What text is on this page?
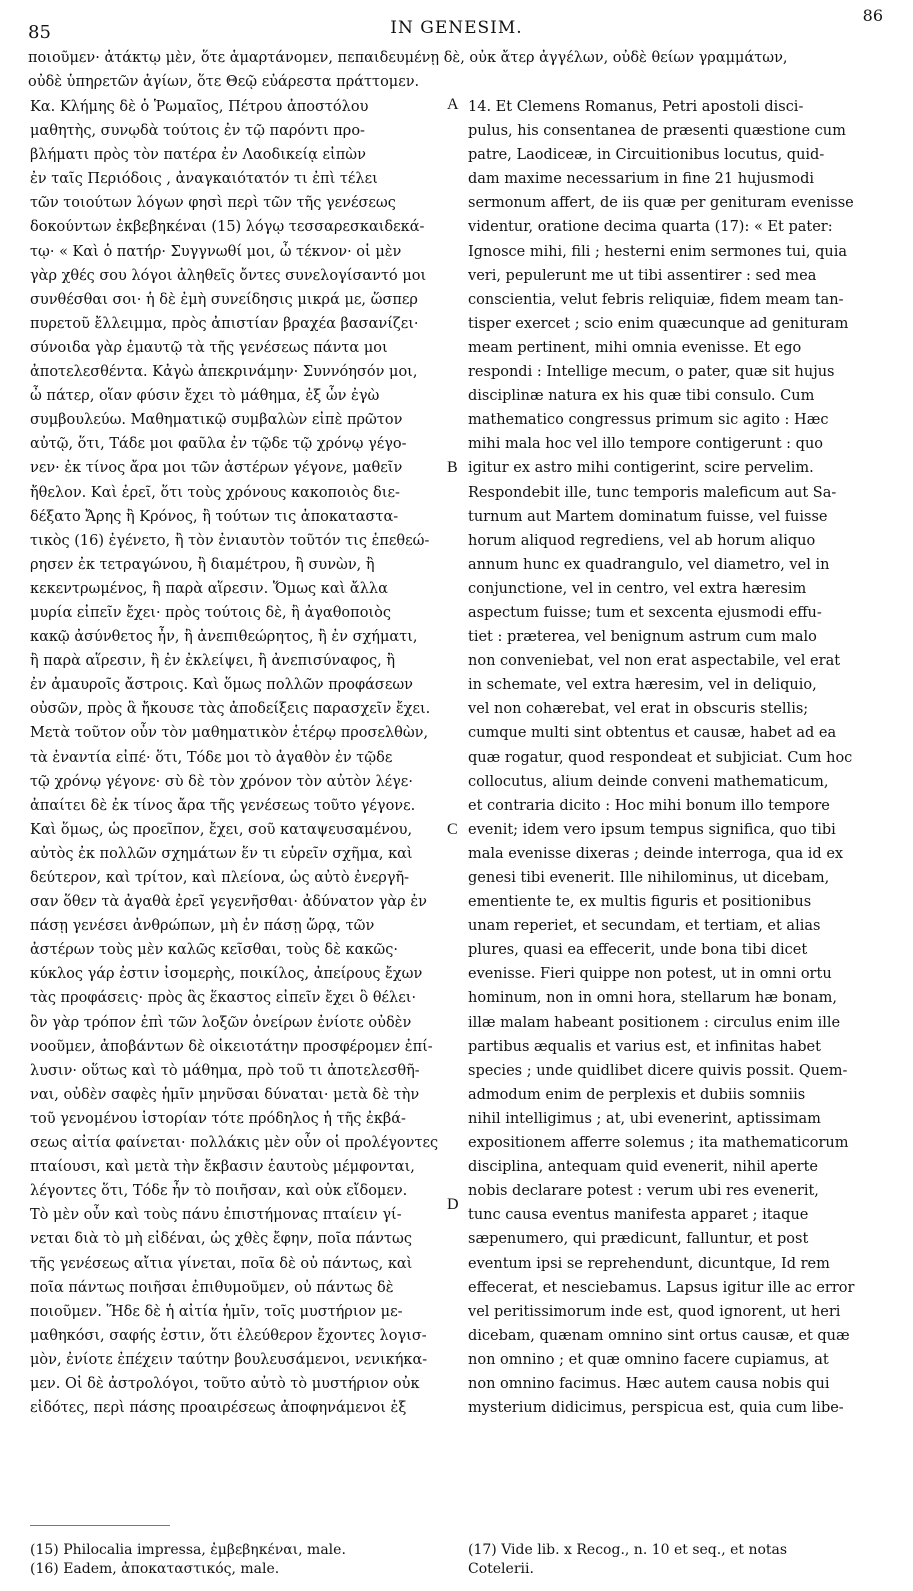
85	IN GENESIM.
86
ποιοῦμεν· ἀτάκτῳ μὲν, ὅτε ἁμαρτάνομεν, πεπαιδευμένῃ δὲ, οὐκ ἄτερ ἀγγέλων, οὐδὲ θείων γραμμάτων,
οὐδὲ ὑπηρετῶν ἁγίων, ὅτε Θεῷ εὐάρεστα πράττομεν.
Κα. Κλήμης δὲ ὁ Ῥωμαῖος, Πέτρου ἀποστόλου
μαθητὴς, συνῳδὰ τούτοις ἐν τῷ παρόντι προ-
βλήματι πρὸς τὸν πατέρα ἐν Λαοδικείᾳ εἰπὼν
ἐν ταῖς Περιόδοις , ἀναγκαιότατόν τι ἐπὶ τέλει
τῶν τοιούτων λόγων φησὶ περὶ τῶν τῆς γενέσεως
δοκούντων ἐκβεβηκέναι (15) λόγῳ τεσσαρεσκαιδεκά-
τῳ· « Καὶ ὁ πατήρ· Συγγνωθί μοι, ὦ τέκνον· οἱ μὲν
γὰρ χθές σου λόγοι ἀληθεῖς ὄντες συνελογίσαντό μοι
συνθέσθαι σοι· ἡ δὲ ἐμὴ συνείδησις μικρά με, ὥσπερ
πυρετοῦ ἔλλειμμα, πρὸς ἀπιστίαν βραχέα βασανίζει·
σύνοιδα γὰρ ἐμαυτῷ τὰ τῆς γενέσεως πάντα μοι
ἀποτελεσθέντα. Κἀγὼ ἀπεκρινάμην· Συννόησόν μοι,
ὦ πάτερ, οἵαν φύσιν ἔχει τὸ μάθημα, ἐξ ὧν ἐγὼ
συμβουλεύω. Μαθηματικῷ συμβαλὼν εἰπὲ πρῶτον
αὐτῷ, ὅτι, Τάδε μοι φαῦλα ἐν τῷδε τῷ χρόνῳ γέγο-
νεν· ἐκ τίνος ἄρα μοι τῶν ἀστέρων γέγονε, μαθεῖν
ἤθελον. Καὶ ἐρεῖ, ὅτι τοὺς χρόνους κακοποιὸς διε-
δέξατο Ἄρης ἢ Κρόνος, ἢ τούτων τις ἀποκαταστα-
τικὸς (16) ἐγένετο, ἢ τὸν ἐνιαυτὸν τοῦτόν τις ἐπεθεώ-
ρησεν ἐκ τετραγώνου, ἢ διαμέτρου, ἢ συνὼν, ἢ
κεκεντρωμένος, ἢ παρὰ αἵρεσιν. Ὅμως καὶ ἄλλα
μυρία εἰπεῖν ἔχει· πρὸς τούτοις δὲ, ἢ ἀγαθοποιὸς
κακῷ ἀσύνθετος ἦν, ἢ ἀνεπιθεώρητος, ἢ ἐν σχήματι,
ἢ παρὰ αἵρεσιν, ἢ ἐν ἐκλείψει, ἢ ἀνεπισύναφος, ἢ
ἐν ἀμαυροῖς ἄστροις. Καὶ ὅμως πολλῶν προφάσεων
οὐσῶν, πρὸς ἃ ἤκουσε τὰς ἀποδείξεις παρασχεῖν ἔχει.
Μετὰ τοῦτον οὖν τὸν μαθηματικὸν ἑτέρῳ προσελθὼν,
τὰ ἐναντία εἰπέ· ὅτι, Τόδε μοι τὸ ἀγαθὸν ἐν τῷδε
τῷ χρόνῳ γέγονε· σὺ δὲ τὸν χρόνον τὸν αὐτὸν λέγε·
ἀπαίτει δὲ ἐκ τίνος ἄρα τῆς γενέσεως τοῦτο γέγονε.
Καὶ ὅμως, ὡς προεῖπον, ἔχει, σοῦ καταψευσαμένου,
αὐτὸς ἐκ πολλῶν σχημάτων ἕν τι εὑρεῖν σχῆμα, καὶ
δεύτερον, καὶ τρίτον, καὶ πλείονα, ὡς αὐτὸ ἐνεργῆ-
σαν ὅθεν τὰ ἀγαθὰ ἐρεῖ γεγενῆσθαι· ἀδύνατον γὰρ ἐν
πάσῃ γενέσει ἀνθρώπων, μὴ ἐν πάσῃ ὥρᾳ, τῶν
ἀστέρων τοὺς μὲν καλῶς κεῖσθαι, τοὺς δὲ κακῶς·
κύκλος γάρ ἐστιν ἰσομερὴς, ποικίλος, ἀπείρους ἔχων
τὰς προφάσεις· πρὸς ἃς ἕκαστος εἰπεῖν ἔχει ὃ θέλει·
ὃν γὰρ τρόπον ἐπὶ τῶν λοξῶν ὀνείρων ἐνίοτε οὐδὲν
νοοῦμεν, ἀποβάντων δὲ οἰκειοτάτην προσφέρομεν ἐπί-
λυσιν· οὕτως καὶ τὸ μάθημα, πρὸ τοῦ τι ἀποτελεσθῆ-
ναι, οὐδὲν σαφὲς ἡμῖν μηνῦσαι δύναται· μετὰ δὲ τὴν
τοῦ γενομένου ἱστορίαν τότε πρόδηλος ἡ τῆς ἐκβά-
σεως αἰτία φαίνεται· πολλάκις μὲν οὖν οἱ προλέγοντες
πταίουσι, καὶ μετὰ τὴν ἔκβασιν ἑαυτοὺς μέμφονται,
λέγοντες ὅτι, Τόδε ἦν τὸ ποιῆσαν, καὶ οὐκ εἴδομεν.
Τὸ μὲν οὖν καὶ τοὺς πάνυ ἐπιστήμονας πταίειν γί-
νεται διὰ τὸ μὴ εἰδέναι, ὡς χθὲς ἔφην, ποῖα πάντως
τῆς γενέσεως αἴτια γίνεται, ποῖα δὲ οὐ πάντως, καὶ
ποῖα πάντως ποιῆσαι ἐπιθυμοῦμεν, οὐ πάντως δὲ
ποιοῦμεν. Ἥδε δὲ ἡ αἰτία ἡμῖν, τοῖς μυστήριον με-
μαθηκόσι, σαφής ἐστιν, ὅτι ἐλεύθερον ἔχοντες λογισ-
μὸν, ἐνίοτε ἐπέχειν ταύτην βουλευσάμενοι, νενικήκα-
μεν. Οἱ δὲ ἀστρολόγοι, τοῦτο αὐτὸ τὸ μυστήριον οὐκ
εἰδότες, περὶ πάσης προαιρέσεως ἀποφηνάμενοι ἐξ
14. Et Clemens Romanus, Petri apostoli disci-
pulus, his consentanea de præsenti quæstione cum
patre, Laodiceæ, in Circuitionibus locutus, quid-
dam maxime necessarium in fine 21 hujusmodi
sermonum affert, de iis quæ per genituram evenisse
videntur, oratione decima quarta (17): « Et pater:
Ignosce mihi, fili ; hesterni enim sermones tui, quia
veri, pepulerunt me ut tibi assentirer : sed mea
conscientia, velut febris reliquiæ, fidem meam tan-
tisper exercet ; scio enim quæcunque ad genituram
meam pertinent, mihi omnia evenisse. Et ego
respondi : Intellige mecum, o pater, quæ sit hujus
disciplinæ natura ex his quæ tibi consulo. Cum
mathematico congressus primum sic agito : Hæc
mihi mala hoc vel illo tempore contigerunt : quo
igitur ex astro mihi contigerint, scire pervelim.
Respondebit ille, tunc temporis maleficum aut Sa-
turnum aut Martem dominatum fuisse, vel fuisse
horum aliquod regrediens, vel ab horum aliquo
annum hunc ex quadrangulo, vel diametro, vel in
conjunctione, vel in centro, vel extra hæresim
aspectum fuisse; tum et sexcenta ejusmodi effu-
tiet : præterea, vel benignum astrum cum malo
non conveniebat, vel non erat aspectabile, vel erat
in schemate, vel extra hæresim, vel in deliquio,
vel non cohærebat, vel erat in obscuris stellis;
cumque multi sint obtentus et causæ, habet ad ea
quæ rogatur, quod respondeat et subjiciat. Cum hoc
collocutus, alium deinde conveni mathematicum,
et contraria dicito : Hoc mihi bonum illo tempore
evenit; idem vero ipsum tempus significa, quo tibi
mala evenisse dixeras ; deinde interroga, qua id ex
genesi tibi evenerit. Ille nihilominus, ut dicebam,
ementiente te, ex multis figuris et positionibus
unam reperiet, et secundam, et tertiam, et alias
plures, quasi ea effecerit, unde bona tibi dicet
evenisse. Fieri quippe non potest, ut in omni ortu
hominum, non in omni hora, stellarum hæ bonam,
illæ malam habeant positionem : circulus enim ille
partibus æqualis et varius est, et infinitas habet
species ; unde quidlibet dicere quivis possit. Quem-
admodum enim de perplexis et dubiis somniis
nihil intelligimus ; at, ubi evenerint, aptissimam
expositionem afferre solemus ; ita mathematicorum
disciplina, antequam quid evenerit, nihil aperte
nobis declarare potest : verum ubi res evenerit,
tunc causa eventus manifesta apparet ; itaque
sæpenumero, qui prædicunt, falluntur, et post
eventum ipsi se reprehendunt, dicuntque, Id rem
effecerat, et nesciebamus. Lapsus igitur ille ac error
vel peritissimorum inde est, quod ignorent, ut heri
dicebam, quænam omnino sint ortus causæ, et quæ
non omnino ; et quæ omnino facere cupiamus, at
non omnino facimus. Hæc autem causa nobis qui
mysterium didicimus, perspicua est, quia cum libe-
A
B
C
D
(15) Philocalia impressa, ἐμβεβηκέναι, male.
(16) Eadem, ἀποκαταστικός, male.
(17) Vide lib. x Recog., n. 10 et seq., et notas
Cotelerii.
